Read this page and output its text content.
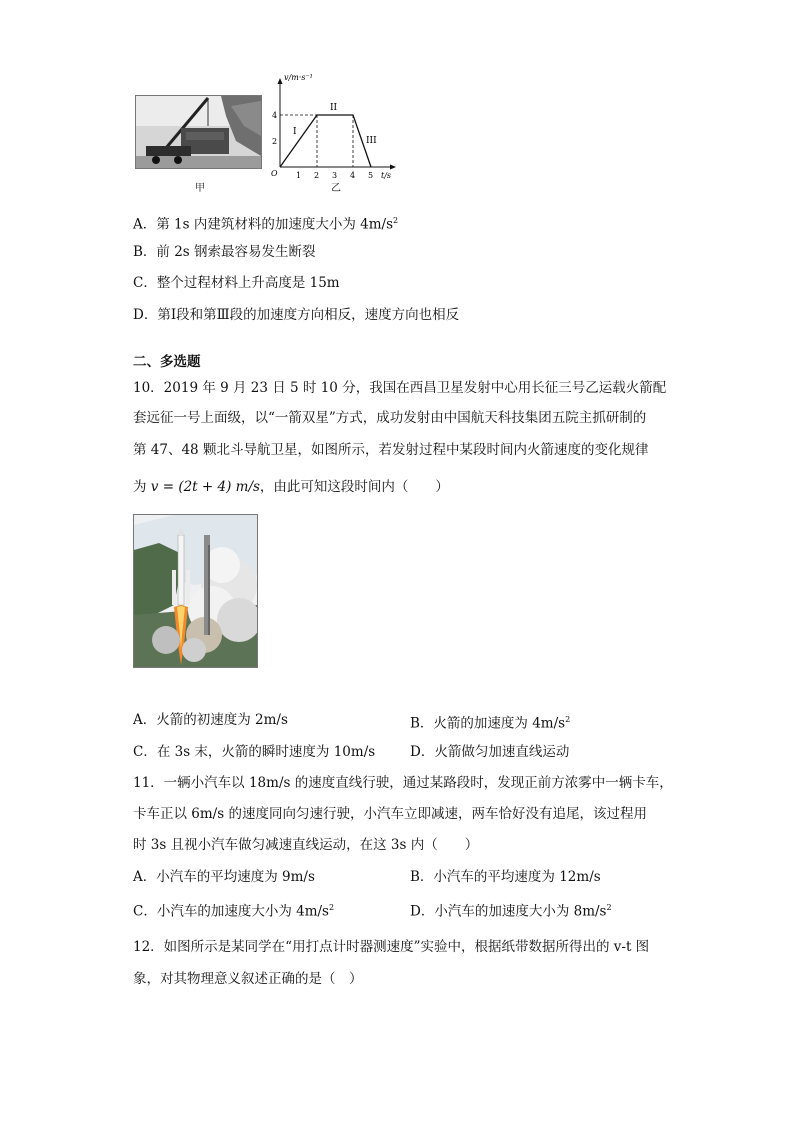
甲
v/m·s⁻¹
t/s
O
2
4
1 2 3 4 5
I
II
III
乙
A．第 1s 内建筑材料的加速度大小为 $4m/s^2$
B．前 2s 钢索最容易发生断裂
C．整个过程材料上升高度是 15m
D．第Ⅰ段和第Ⅲ段的加速度方向相反，速度方向也相反
二、多选题
10．2019 年 9 月 23 日 5 时 10 分，我国在西昌卫星发射中心用长征三号乙运载火箭配
套远征一号上面级，以“一箭双星”方式，成功发射由中国航天科技集团五院主抓研制的
第 47、48 颗北斗导航卫星，如图所示，若发射过程中某段时间内火箭速度的变化规律
为 v = (2t + 4) m/s，由此可知这段时间内（　　）
A．火箭的初速度为 2m/s	B．火箭的加速度为 $4m/s^2$
C．在 3s 末，火箭的瞬时速度为 10m/s	D．火箭做匀加速直线运动
11．一辆小汽车以 18m/s 的速度直线行驶，通过某路段时，发现正前方浓雾中一辆卡车，
卡车正以 6m/s 的速度同向匀速行驶，小汽车立即减速，两车恰好没有追尾，该过程用
时 3s 且视小汽车做匀减速直线运动，在这 3s 内（　　）
A．小汽车的平均速度为 9m/s	B．小汽车的平均速度为 12m/s
C．小汽车的加速度大小为 $4m/s^2$	D．小汽车的加速度大小为 $8m/s^2$
12．如图所示是某同学在“用打点计时器测速度”实验中，根据纸带数据所得出的 v-t 图
象，对其物理意义叙述正确的是（　）
